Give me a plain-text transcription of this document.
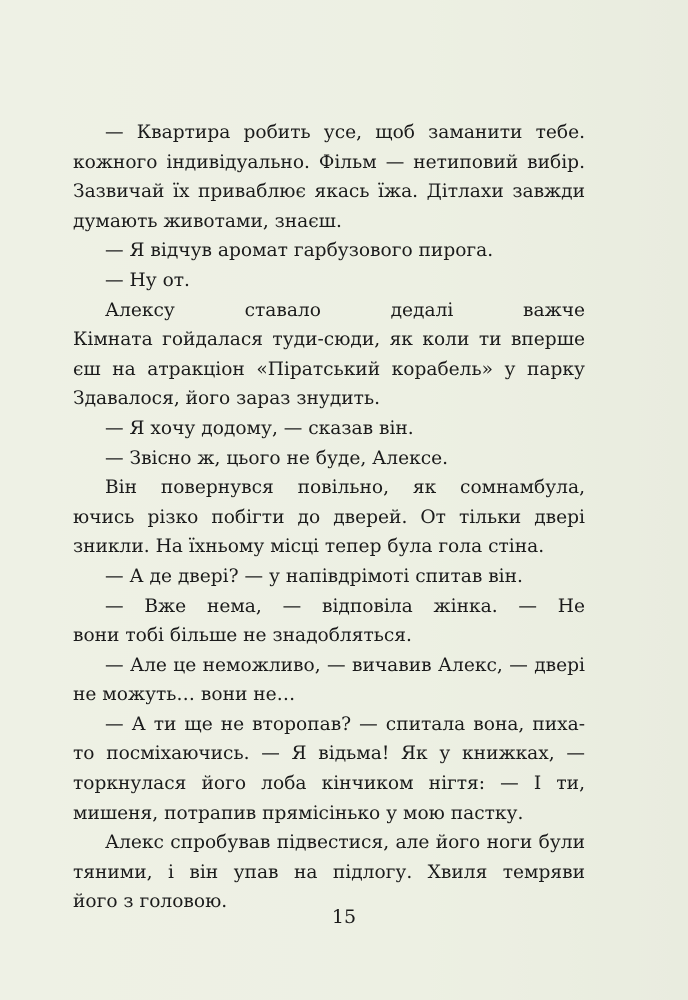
— Квартира робить усе, щоб заманити тебе.
кожного індивідуально. Фільм — нетиповий вибір.
Зазвичай їх приваблює якась їжа. Дітлахи завжди
думають животами, знаєш.
— Я відчув аромат гарбузового пирога.
— Ну от.
Алексу ставало дедалі важче
Кімната гойдалася туди-сюди, як коли ти вперше
єш на атракціон «Піратський корабель» у парку
Здавалося, його зараз знудить.
— Я хочу додому, — сказав він.
— Звісно ж, цього не буде, Алексе.
Він повернувся повільно, як сомнамбула,
ючись різко побігти до дверей. От тільки двері
зникли. На їхньому місці тепер була гола стіна.
— А де двері? — у напівдрімоті спитав він.
— Вже нема, — відповіла жінка. — Не
вони тобі більше не знадобляться.
— Але це неможливо, — вичавив Алекс, — двері
не можуть… вони не…
— А ти ще не второпав? — спитала вона, пиха-
то посміхаючись. — Я відьма! Як у книжках, —
торкнулася його лоба кінчиком нігтя: — І ти,
мишеня, потрапив прямісінько у мою пастку.
Алекс спробував підвестися, але його ноги були
тяними, і він упав на підлогу. Хвиля темряви
його з головою.
15
